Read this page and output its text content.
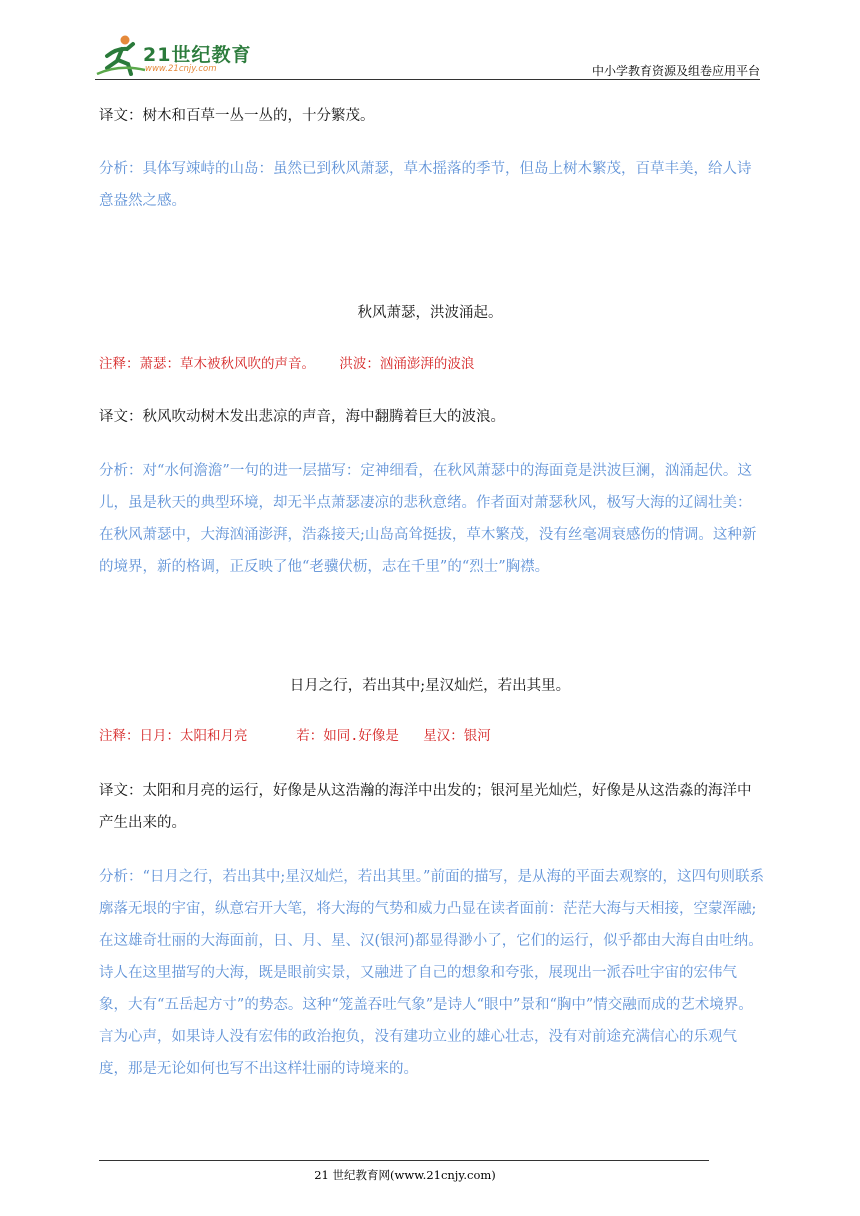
21世纪教育
www.21cnjy.com	中小学教育资源及组卷应用平台

译文：树木和百草一丛一丛的，十分繁茂。

分析：具体写竦峙的山岛：虽然已到秋风萧瑟，草木摇落的季节，但岛上树木繁茂，百草丰美，给人诗意盎然之感。

秋风萧瑟，洪波涌起。

注释：萧瑟：草木被秋风吹的声音。   洪波：汹涌澎湃的波浪

译文：秋风吹动树木发出悲凉的声音，海中翻腾着巨大的波浪。

分析：对“水何澹澹”一句的进一层描写：定神细看，在秋风萧瑟中的海面竟是洪波巨澜，汹涌起伏。这儿，虽是秋天的典型环境，却无半点萧瑟凄凉的悲秋意绪。作者面对萧瑟秋风，极写大海的辽阔壮美：在秋风萧瑟中，大海汹涌澎湃，浩淼接天;山岛高耸挺拔，草木繁茂，没有丝毫凋衰感伤的情调。这种新的境界，新的格调，正反映了他“老骥伏枥，志在千里”的“烈士”胸襟。

日月之行，若出其中;星汉灿烂，若出其里。

注释：日月：太阳和月亮      若：如同.好像是   星汉：银河

译文：太阳和月亮的运行，好像是从这浩瀚的海洋中出发的；银河星光灿烂，好像是从这浩淼的海洋中产生出来的。

分析：“日月之行，若出其中;星汉灿烂，若出其里。”前面的描写，是从海的平面去观察的，这四句则联系廓落无垠的宇宙，纵意宕开大笔，将大海的气势和威力凸显在读者面前：茫茫大海与天相接，空蒙浑融;在这雄奇壮丽的大海面前，日、月、星、汉(银河)都显得渺小了，它们的运行，似乎都由大海自由吐纳。诗人在这里描写的大海，既是眼前实景，又融进了自己的想象和夸张，展现出一派吞吐宇宙的宏伟气象，大有“五岳起方寸”的势态。这种“笼盖吞吐气象”是诗人“眼中”景和“胸中”情交融而成的艺术境界。言为心声，如果诗人没有宏伟的政治抱负，没有建功立业的雄心壮志，没有对前途充满信心的乐观气度，那是无论如何也写不出这样壮丽的诗境来的。

21 世纪教育网(www.21cnjy.com)
